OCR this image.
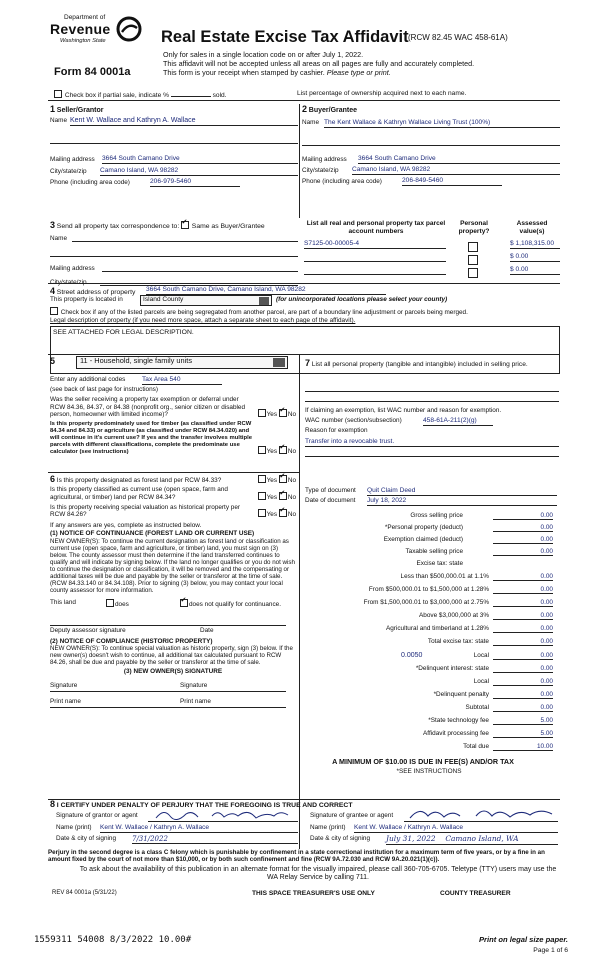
Department of
Revenue
Washington State
Form 84 0001a
Real Estate Excise Tax Affidavit (RCW 82.45 WAC 458-61A)
Only for sales in a single location code on or after July 1, 2022.
This affidavit will not be accepted unless all areas on all pages are fully and accurately completed.
This form is your receipt when stamped by cashier. Please type or print.
Check box if partial sale, indicate %	sold.	List percentage of ownership acquired next to each name.
1 Seller/Grantor
Name Kent W. Wallace and Kathryn A. Wallace
Mailing address 3664 South Camano Drive
City/state/zip Camano Island, WA 98282
Phone (including area code)	206-979-5460
2 Buyer/Grantee
Name The Kent Wallace & Kathryn Wallace Living Trust (100%)
Mailing address 3664 South Camano Drive
City/state/zip Camano Island, WA 98282
Phone (including area code)	206-849-5460
3 Send all property tax correspondence to: ✔ Same as Buyer/Grantee
Name
Mailing address
City/state/zip
List all real and personal property tax parcel account numbers
Personal property?
Assessed value(s)
S7125-00-00005-4	$ 1,108,315.00
$ 0.00
$ 0.00
4 Street address of property 3664 South Camano Drive, Camano Island, WA 98282
This property is located in	Island County	(for unincorporated locations please select your county)
Check box if any of the listed parcels are being segregated from another parcel, are part of a boundary line adjustment or parcels being merged.
Legal description of property (if you need more space, attach a separate sheet to each page of the affidavit).
SEE ATTACHED FOR LEGAL DESCRIPTION.
5	11 - Household, single family units
Enter any additional codes	Tax Area 540
(see back of last page for instructions)
Was the seller receiving a property tax exemption or deferral under RCW 84.36, 84.37, or 84.38 (nonprofit org., senior citizen or disabled person, homeowner with limited income)?	Yes ✔ No
Is this property predominately used for timber (as classified under RCW 84.34 and 84.33) or agriculture (as classified under RCW 84.34.020) and will continue in it's current use? If yes and the transfer involves multiple parcels with different classifications, complete the predominate use calculator (see instructions)	Yes ✔ No
6 Is this property designated as forest land per RCW 84.33?	Yes ✔ No
Is this property classified as current use (open space, farm and agricultural, or timber) land per RCW 84.34?	Yes ✔ No
Is this property receiving special valuation as historical property per RCW 84.26?	Yes ✔ No
If any answers are yes, complete as instructed below.
(1) NOTICE OF CONTINUANCE (FOREST LAND OR CURRENT USE)
NEW OWNER(S): To continue the current designation as forest land or classification as current use (open space, farm and agriculture, or timber) land, you must sign on (3) below. The county assessor must then determine if the land transferred continues to qualify and will indicate by signing below. If the land no longer qualifies or you do not wish to continue the designation or classification, it will be removed and the compensating or additional taxes will be due and payable by the seller or transferor at the time of sale. (RCW 84.33.140 or 84.34.108). Prior to signing (3) below, you may contact your local county assessor for more information.
This land	does ✔	does not qualify for continuance.
Deputy assessor signature	Date
(2) NOTICE OF COMPLIANCE (HISTORIC PROPERTY)
NEW OWNER(S): To continue special valuation as historic property, sign (3) below. If the new owner(s) doesn't wish to continue, all additional tax calculated pursuant to RCW 84.26, shall be due and payable by the seller or transferor at the time of sale.
(3) NEW OWNER(S) SIGNATURE
Signature	Signature
Print name	Print name
7 List all personal property (tangible and intangible) included in selling price.
If claiming an exemption, list WAC number and reason for exemption.
WAC number (section/subsection)	458-61A-211(2)(g)
Reason for exemption
Transfer into a revocable trust.
Type of document Quit Claim Deed
Date of document July 18, 2022
Gross selling price	0.00
*Personal property (deduct)	0.00
Exemption claimed (deduct)	0.00
Taxable selling price	0.00
Excise tax: state
Less than $500,000.01 at 1.1%	0.00
From $500,000.01 to $1,500,000 at 1.28%	0.00
From $1,500,000.01 to $3,000,000 at 2.75%	0.00
Above $3,000,000 at 3%	0.00
Agricultural and timberland at 1.28%	0.00
Total excise tax: state	0.00
0.0050	Local	0.00
*Delinquent interest: state	0.00
Local	0.00
*Delinquent penalty	0.00
Subtotal	0.00
*State technology fee	5.00
Affidavit processing fee	5.00
Total due	10.00
A MINIMUM OF $10.00 IS DUE IN FEE(S) AND/OR TAX
*SEE INSTRUCTIONS
8 I CERTIFY UNDER PENALTY OF PERJURY THAT THE FOREGOING IS TRUE AND CORRECT
Signature of grantor or agent
Name (print) Kent W. Wallace / Kathryn A. Wallace
Date & city of signing 7/31/2022
Signature of grantee or agent
Name (print) Kent W. Wallace / Kathryn A. Wallace
Date & city of signing July 31, 2022 Camano Island, WA
Perjury in the second degree is a class C felony which is punishable by confinement in a state correctional institution for a maximum term of five years, or by a fine in an amount fixed by the court of not more than $10,000, or by both such confinement and fine (RCW 9A.72.030 and RCW 9A.20.021(1)(c)).
To ask about the availability of this publication in an alternate format for the visually impaired, please call 360-705-6705. Teletype (TTY) users may use the WA Relay Service by calling 711.
REV 84 0001a (5/31/22)	THIS SPACE TREASURER'S USE ONLY	COUNTY TREASURER
1559311 54008 8/3/2022 10.00#	Print on legal size paper.
Page 1 of 6
